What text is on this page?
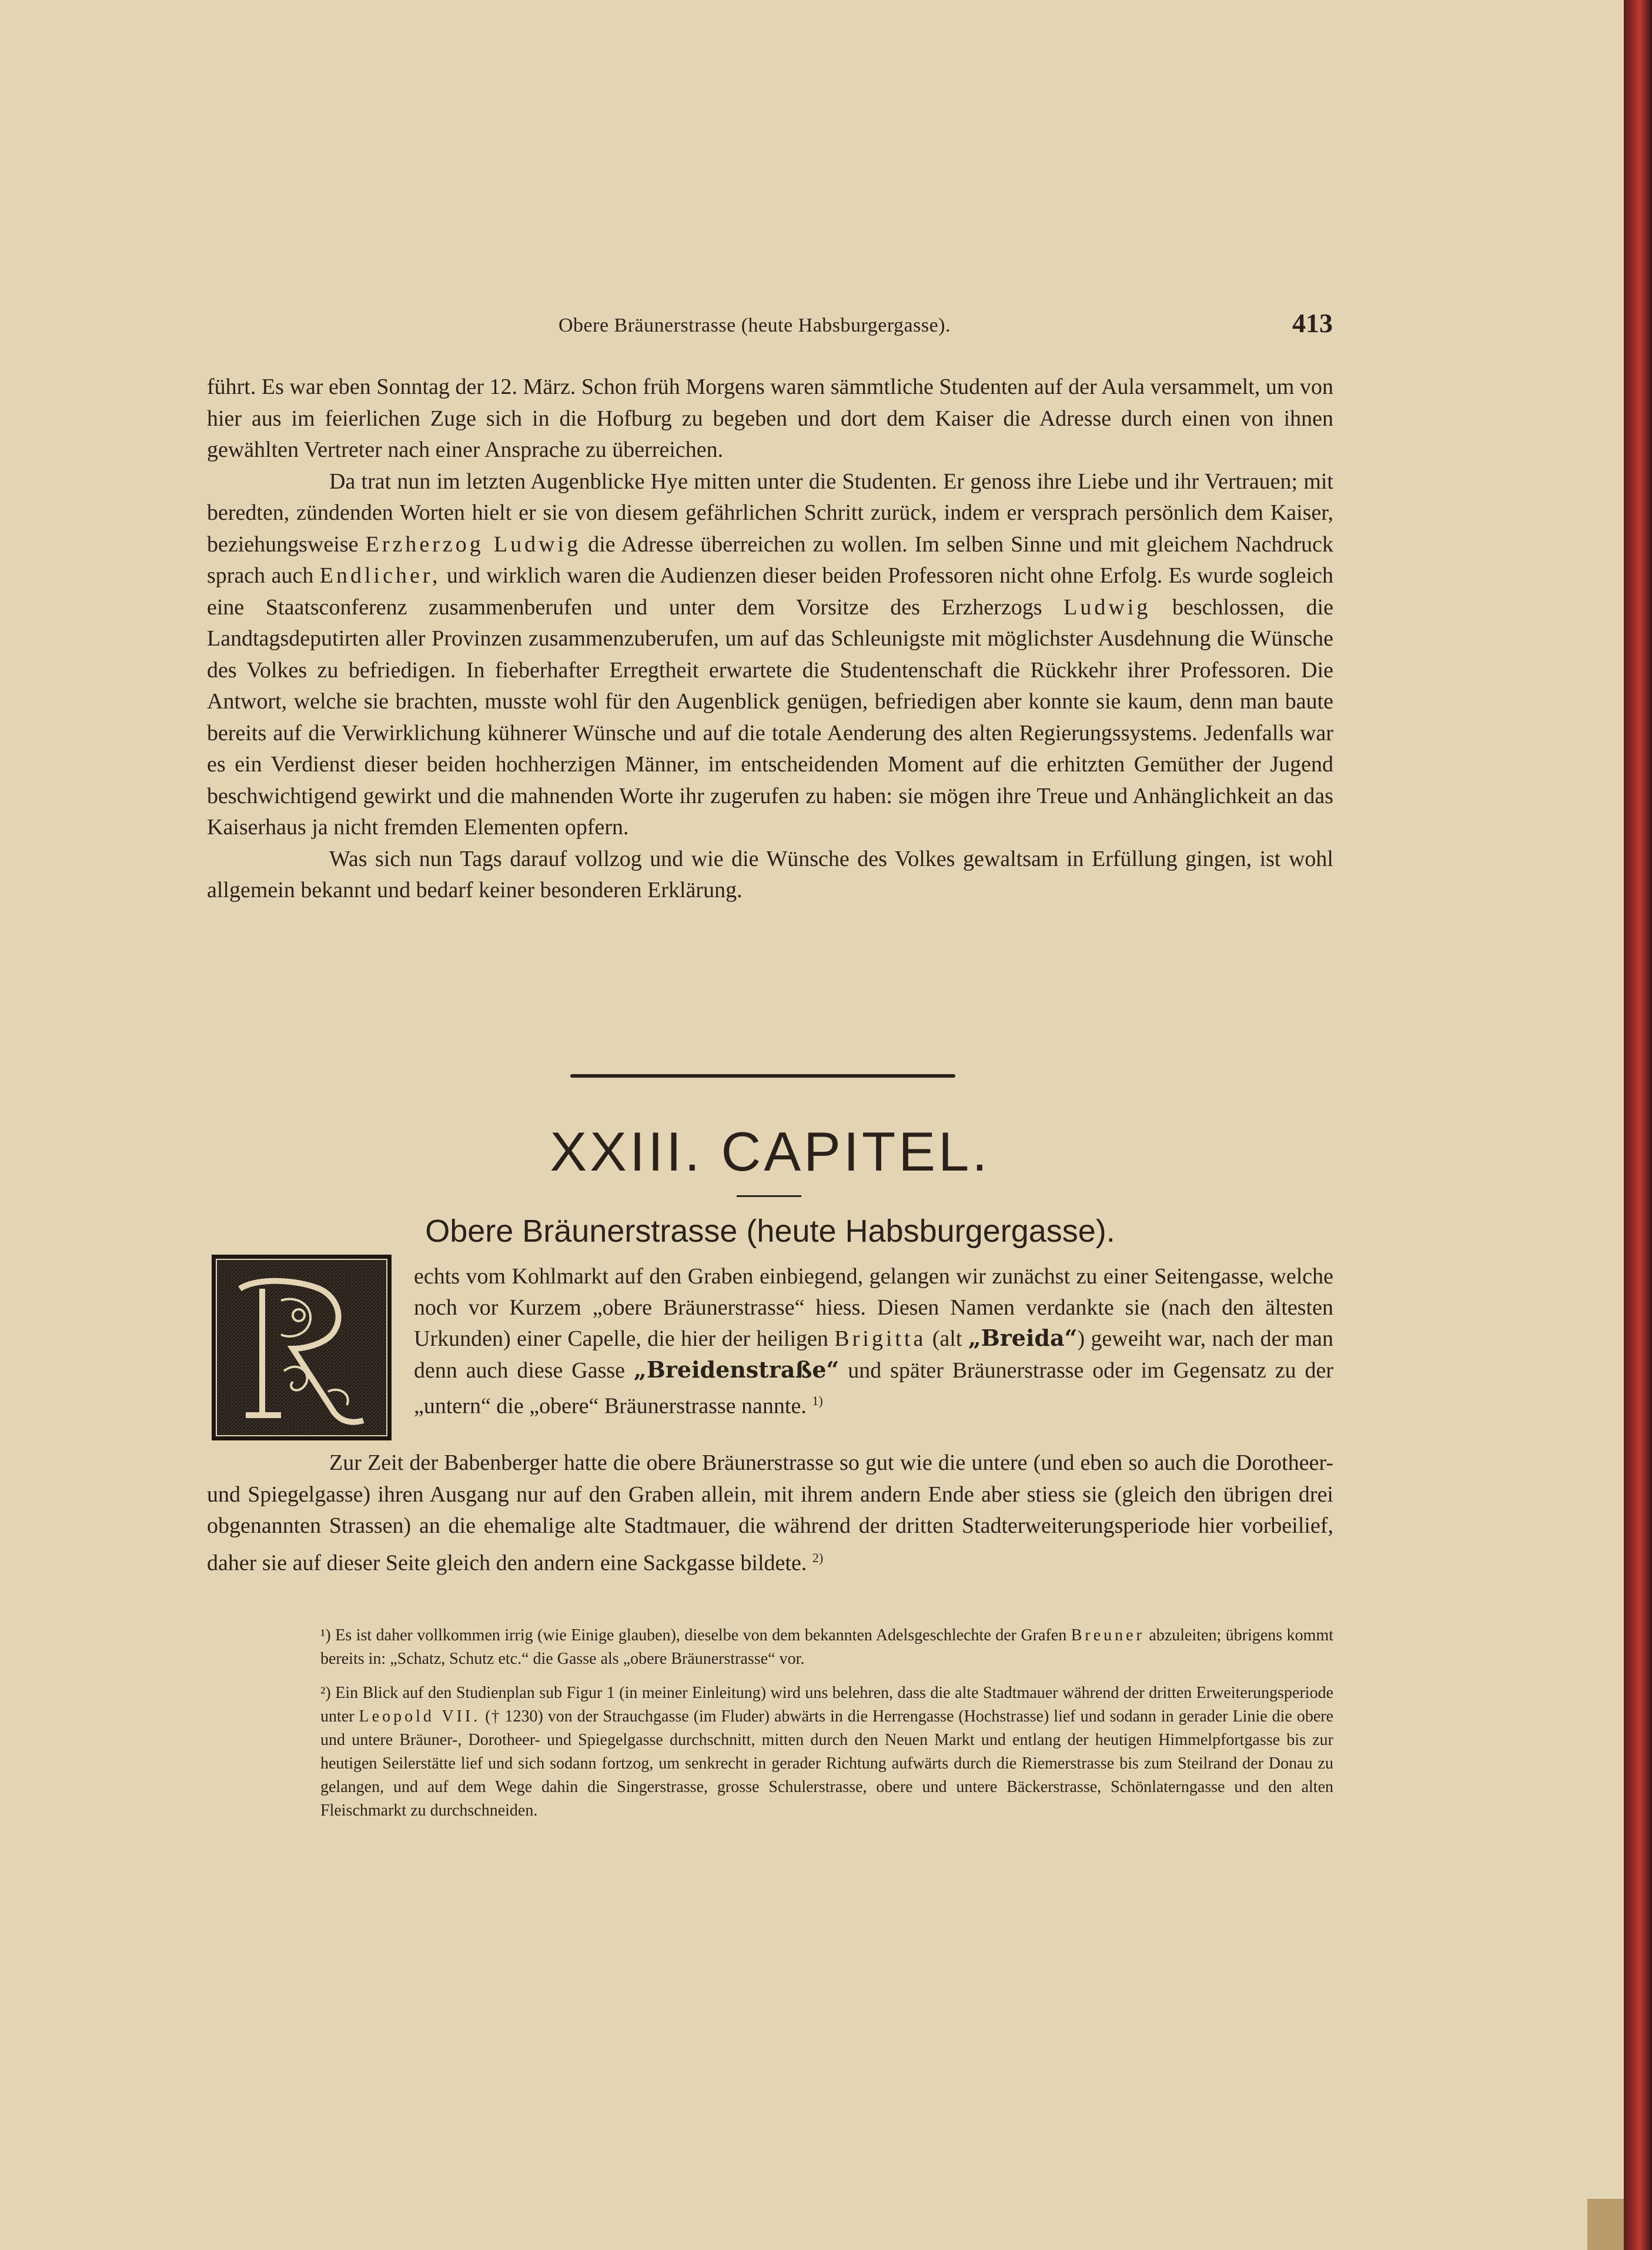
Obere Bräunerstrasse (heute Habsburgergasse).	413

führt. Es war eben Sonntag der 12. März. Schon früh Morgens waren sämmtliche Studenten auf der Aula versammelt, um von hier aus im feierlichen Zuge sich in die Hofburg zu begeben und dort dem Kaiser die Adresse durch einen von ihnen gewählten Vertreter nach einer Ansprache zu überreichen.

Da trat nun im letzten Augenblicke Hye mitten unter die Studenten. Er genoss ihre Liebe und ihr Vertrauen; mit beredten, zündenden Worten hielt er sie von diesem gefährlichen Schritt zurück, indem er versprach persönlich dem Kaiser, beziehungsweise Erzherzog Ludwig die Adresse überreichen zu wollen. Im selben Sinne und mit gleichem Nachdruck sprach auch Endlicher, und wirklich waren die Audienzen dieser beiden Professoren nicht ohne Erfolg. Es wurde sogleich eine Staatsconferenz zusammenberufen und unter dem Vorsitze des Erzherzogs Ludwig beschlossen, die Landtagsdeputirten aller Provinzen zusammenzuberufen, um auf das Schleunigste mit möglichster Ausdehnung die Wünsche des Volkes zu befriedigen. In fieberhafter Erregtheit erwartete die Studentenschaft die Rückkehr ihrer Professoren. Die Antwort, welche sie brachten, musste wohl für den Augenblick genügen, befriedigen aber konnte sie kaum, denn man baute bereits auf die Verwirklichung kühnerer Wünsche und auf die totale Aenderung des alten Regierungssystems. Jedenfalls war es ein Verdienst dieser beiden hochherzigen Männer, im entscheidenden Moment auf die erhitzten Gemüther der Jugend beschwichtigend gewirkt und die mahnenden Worte ihr zugerufen zu haben: sie mögen ihre Treue und Anhänglichkeit an das Kaiserhaus ja nicht fremden Elementen opfern.

Was sich nun Tags darauf vollzog und wie die Wünsche des Volkes gewaltsam in Erfüllung gingen, ist wohl allgemein bekannt und bedarf keiner besonderen Erklärung.

XXIII. CAPITEL.
Obere Bräunerstrasse (heute Habsburgergasse).
echts vom Kohlmarkt auf den Graben einbiegend, gelangen wir zunächst zu einer Seitengasse, welche noch vor Kurzem „obere Bräunerstrasse“ hiess. Diesen Namen verdankte sie (nach den ältesten Urkunden) einer Capelle, die hier der heiligen Brigitta (alt „Breida“) geweiht war, nach der man denn auch diese Gasse „Breidenstraße“ und später Bräunerstrasse oder im Gegensatz zu der „untern“ die „obere“ Bräunerstrasse nannte. $^{1)}$

Zur Zeit der Babenberger hatte die obere Bräunerstrasse so gut wie die untere (und eben so auch die Dorotheer- und Spiegelgasse) ihren Ausgang nur auf den Graben allein, mit ihrem andern Ende aber stiess sie (gleich den übrigen drei obgenannten Strassen) an die ehemalige alte Stadtmauer, die während der dritten Stadterweiterungsperiode hier vorbeilief, daher sie auf dieser Seite gleich den andern eine Sackgasse bildete. $^{2)}$

¹) Es ist daher vollkommen irrig (wie Einige glauben), dieselbe von dem bekannten Adelsgeschlechte der Grafen Breuner abzuleiten; übrigens kommt bereits in: „Schatz, Schutz etc.“ die Gasse als „obere Bräunerstrasse“ vor.
²) Ein Blick auf den Studienplan sub Figur 1 (in meiner Einleitung) wird uns belehren, dass die alte Stadtmauer während der dritten Erweiterungsperiode unter Leopold VII. († 1230) von der Strauchgasse (im Fluder) abwärts in die Herrengasse (Hochstrasse) lief und sodann in gerader Linie die obere und untere Bräuner-, Dorotheer- und Spiegelgasse durchschnitt, mitten durch den Neuen Markt und entlang der heutigen Himmelpfortgasse bis zur heutigen Seilerstätte lief und sich sodann fortzog, um senkrecht in gerader Richtung aufwärts durch die Riemerstrasse bis zum Steilrand der Donau zu gelangen, und auf dem Wege dahin die Singerstrasse, grosse Schulerstrasse, obere und untere Bäckerstrasse, Schönlaterngasse und den alten Fleischmarkt zu durchschneiden.
